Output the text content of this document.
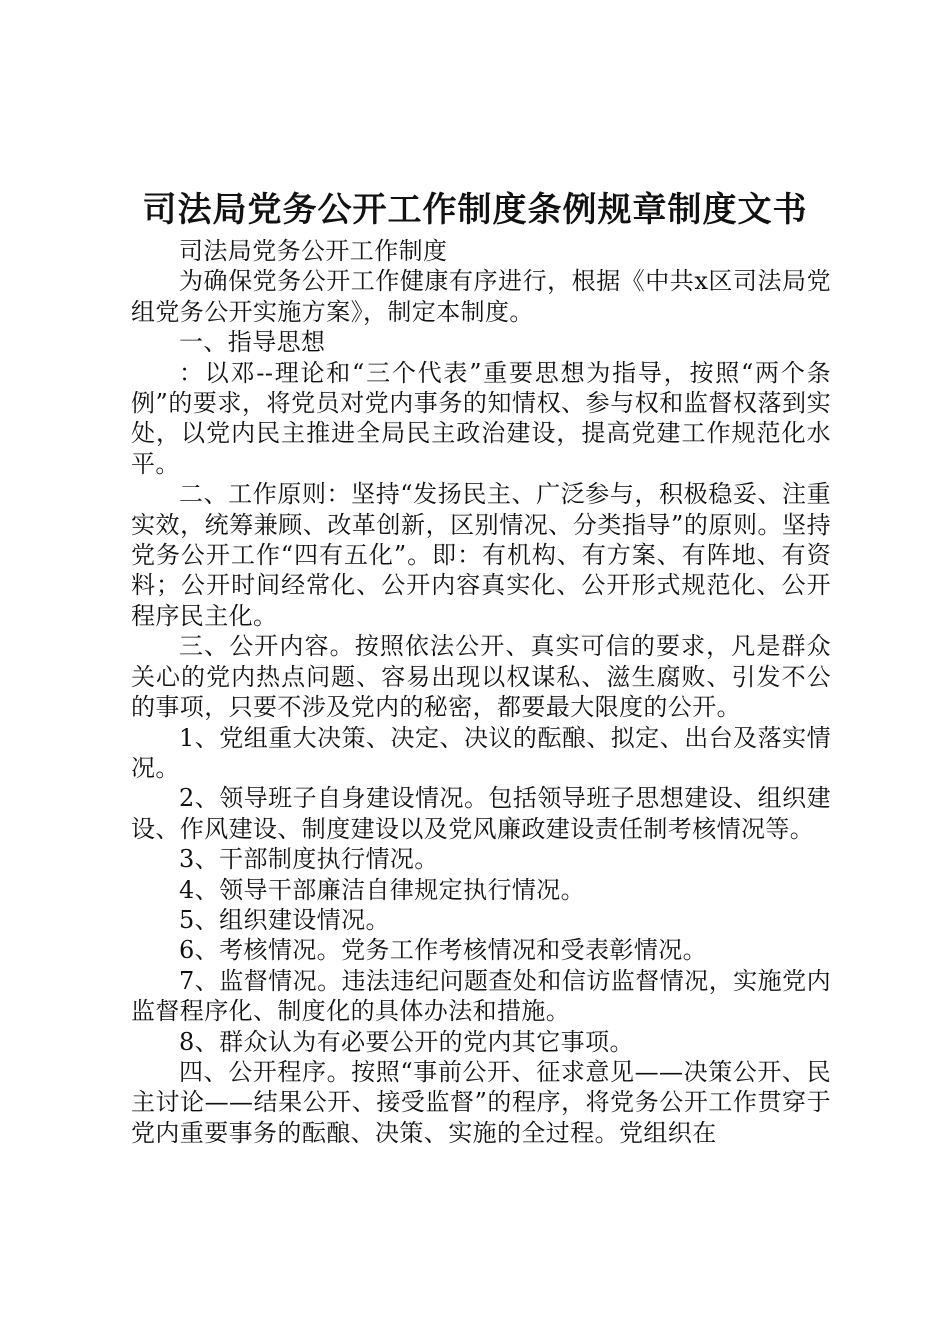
司法局党务公开工作制度条例规章制度文书

司法局党务公开工作制度

为确保党务公开工作健康有序进行，根据《中共x区司法局党组党务公开实施方案》，制定本制度。

一、指导思想

：以邓--理论和“三个代表”重要思想为指导，按照“两个条例”的要求，将党员对党内事务的知情权、参与权和监督权落到实处，以党内民主推进全局民主政治建设，提高党建工作规范化水平。

二、工作原则：坚持“发扬民主、广泛参与，积极稳妥、注重实效，统筹兼顾、改革创新，区别情况、分类指导”的原则。坚持党务公开工作“四有五化”。即：有机构、有方案、有阵地、有资料；公开时间经常化、公开内容真实化、公开形式规范化、公开程序民主化。

三、公开内容。按照依法公开、真实可信的要求，凡是群众关心的党内热点问题、容易出现以权谋私、滋生腐败、引发不公的事项，只要不涉及党内的秘密，都要最大限度的公开。

1、党组重大决策、决定、决议的酝酿、拟定、出台及落实情况。

2、领导班子自身建设情况。包括领导班子思想建设、组织建设、作风建设、制度建设以及党风廉政建设责任制考核情况等。

3、干部制度执行情况。

4、领导干部廉洁自律规定执行情况。

5、组织建设情况。

6、考核情况。党务工作考核情况和受表彰情况。

7、监督情况。违法违纪问题查处和信访监督情况，实施党内监督程序化、制度化的具体办法和措施。

8、群众认为有必要公开的党内其它事项。

四、公开程序。按照“事前公开、征求意见——决策公开、民主讨论——结果公开、接受监督”的程序，将党务公开工作贯穿于党内重要事务的酝酿、决策、实施的全过程。党组织在
